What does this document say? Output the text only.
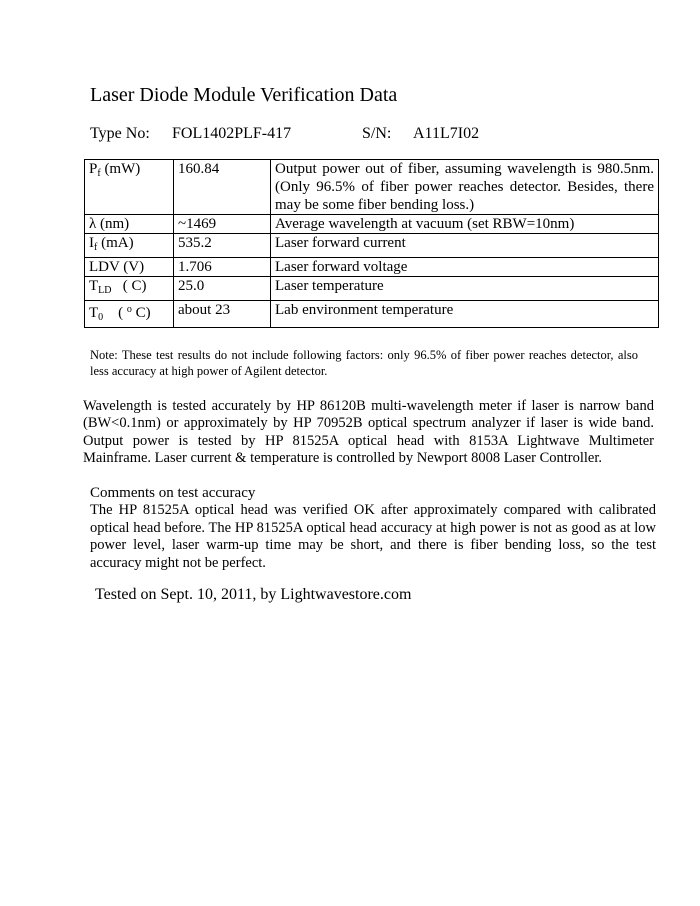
Laser Diode Module Verification Data
Type No: FOL1402PLF-417	S/N: A11L7I02
$P_f$ (mW)	160.84	Output power out of fiber, assuming wavelength is 980.5nm. (Only 96.5% of fiber power reaches detector. Besides, there may be some fiber bending loss.)
λ (nm)	~1469	Average wavelength at vacuum (set RBW=10nm)
$I_f$ (mA)	535.2	Laser forward current
LDV (V)	1.706	Laser forward voltage
$T_{LD}$   ( C)	25.0	Laser temperature
$T_0$    ( $^o$ C)	about 23	Lab environment temperature
Note: These test results do not include following factors: only 96.5% of fiber power reaches detector, also less accuracy at high power of Agilent detector.
Wavelength is tested accurately by HP 86120B multi-wavelength meter if laser is narrow band (BW<0.1nm) or approximately by HP 70952B optical spectrum analyzer if laser is wide band. Output power is tested by HP 81525A optical head with 8153A Lightwave Multimeter Mainframe. Laser current & temperature is controlled by Newport 8008 Laser Controller.
Comments on test accuracy
The HP 81525A optical head was verified OK after approximately compared with calibrated optical head before. The HP 81525A optical head accuracy at high power is not as good as at low power level, laser warm-up time may be short, and there is fiber bending loss, so the test accuracy might not be perfect.
Tested on Sept. 10, 2011, by Lightwavestore.com
